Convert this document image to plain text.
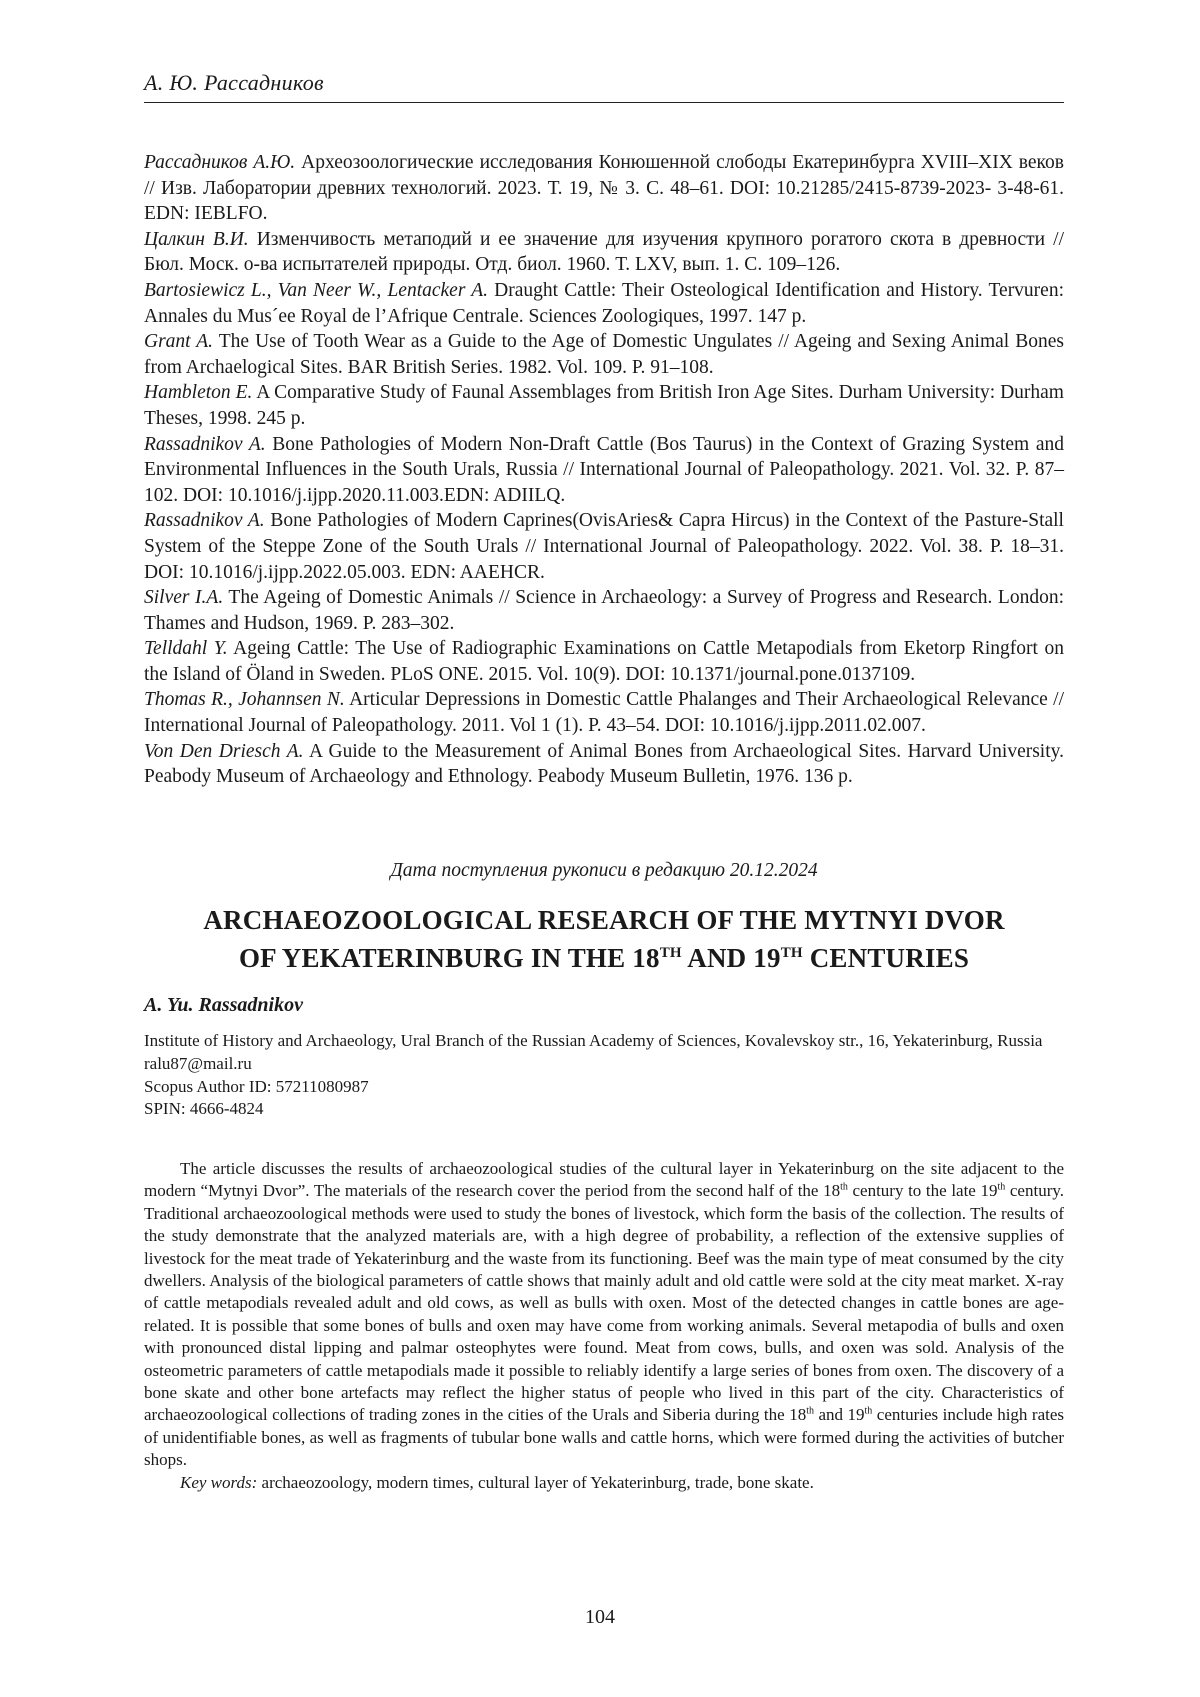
А. Ю. Рассадников

Рассадников А.Ю. Археозоологические исследования Конюшенной слободы Екатеринбурга XVIII–XIX веков // Изв. Лаборатории древних технологий. 2023. Т. 19, № 3. С. 48–61. DOI: 10.21285/2415-8739-2023- 3-48-61. EDN: IEBLFO.

Цалкин В.И. Изменчивость метаподий и ее значение для изучения крупного рогатого скота в древности // Бюл. Моск. о-ва испытателей природы. Отд. биол. 1960. Т. LXV, вып. 1. С. 109–126.

Bartosiewicz L., Van Neer W., Lentacker A. Draught Cattle: Their Osteological Identification and History. Tervuren: Annales du Mus´ee Royal de l’Afrique Centrale. Sciences Zoologiques, 1997. 147 p.

Grant A. The Use of Tooth Wear as a Guide to the Age of Domestic Ungulates // Ageing and Sexing Animal Bones from Archaelogical Sites. BAR British Series. 1982. Vol. 109. P. 91–108.

Hambleton E. A Comparative Study of Faunal Assemblages from British Iron Age Sites. Durham University: Durham Theses, 1998. 245 p.

Rassadnikov A. Bone Pathologies of Modern Non-Draft Cattle (Bos Taurus) in the Context of Grazing System and Environmental Influences in the South Urals, Russia // International Journal of Paleopathology. 2021. Vol. 32. P. 87–102. DOI: 10.1016/j.ijpp.2020.11.003.EDN: ADIILQ.

Rassadnikov A. Bone Pathologies of Modern Caprines(OvisAries& Capra Hircus) in the Context of the Pasture-Stall System of the Steppe Zone of the South Urals // International Journal of Paleopathology. 2022. Vol. 38. P. 18–31. DOI: 10.1016/j.ijpp.2022.05.003. EDN: AAEHCR.

Silver I.A. The Ageing of Domestic Animals // Science in Archaeology: a Survey of Progress and Research. London: Thames and Hudson, 1969. P. 283–302.

Telldahl Y. Ageing Cattle: The Use of Radiographic Examinations on Cattle Metapodials from Eketorp Ringfort on the Island of Öland in Sweden. PLoS ONE. 2015. Vol. 10(9). DOI: 10.1371/journal.pone.0137109.

Thomas R., Johannsen N. Articular Depressions in Domestic Cattle Phalanges and Their Archaeological Relevance // International Journal of Paleopathology. 2011. Vol 1 (1). P. 43–54. DOI: 10.1016/j.ijpp.2011.02.007.

Von Den Driesch A. A Guide to the Measurement of Animal Bones from Archaeological Sites. Harvard University. Peabody Museum of Archaeology and Ethnology. Peabody Museum Bulletin, 1976. 136 p.

Дата поступления рукописи в редакцию 20.12.2024
ARCHAEOZOOLOGICAL RESEARCH OF THE MYTNYI DVOR
OF YEKATERINBURG IN THE 18TH AND 19TH CENTURIES
A. Yu. Rassadnikov
Institute of History and Archaeology, Ural Branch of the Russian Academy of Sciences, Kovalevskoy str., 16, Yekaterinburg, Russia
ralu87@mail.ru
Scopus Author ID: 57211080987
SPIN: 4666-4824

The article discusses the results of archaeozoological studies of the cultural layer in Yekaterinburg on the site adjacent to the modern “Mytnyi Dvor”. The materials of the research cover the period from the second half of the 18th century to the late 19th century. Traditional archaeozoological methods were used to study the bones of livestock, which form the basis of the collection. The results of the study demonstrate that the analyzed materials are, with a high degree of probability, a reflection of the extensive supplies of livestock for the meat trade of Yekaterinburg and the waste from its functioning. Beef was the main type of meat consumed by the city dwellers. Analysis of the biological parameters of cattle shows that mainly adult and old cattle were sold at the city meat market. X-ray of cattle metapodials revealed adult and old cows, as well as bulls with oxen. Most of the detected changes in cattle bones are age-related. It is possible that some bones of bulls and oxen may have come from working animals. Several metapodia of bulls and oxen with pronounced distal lipping and palmar osteophytes were found. Meat from cows, bulls, and oxen was sold. Analysis of the osteometric parameters of cattle metapodials made it possible to reliably identify a large series of bones from oxen. The discovery of a bone skate and other bone artefacts may reflect the higher status of people who lived in this part of the city. Characteristics of archaeozoological collections of trading zones in the cities of the Urals and Siberia during the 18th and 19th centuries include high rates of unidentifiable bones, as well as fragments of tubular bone walls and cattle horns, which were formed during the activities of butcher shops.

Key words: archaeozoology, modern times, cultural layer of Yekaterinburg, trade, bone skate.

104
